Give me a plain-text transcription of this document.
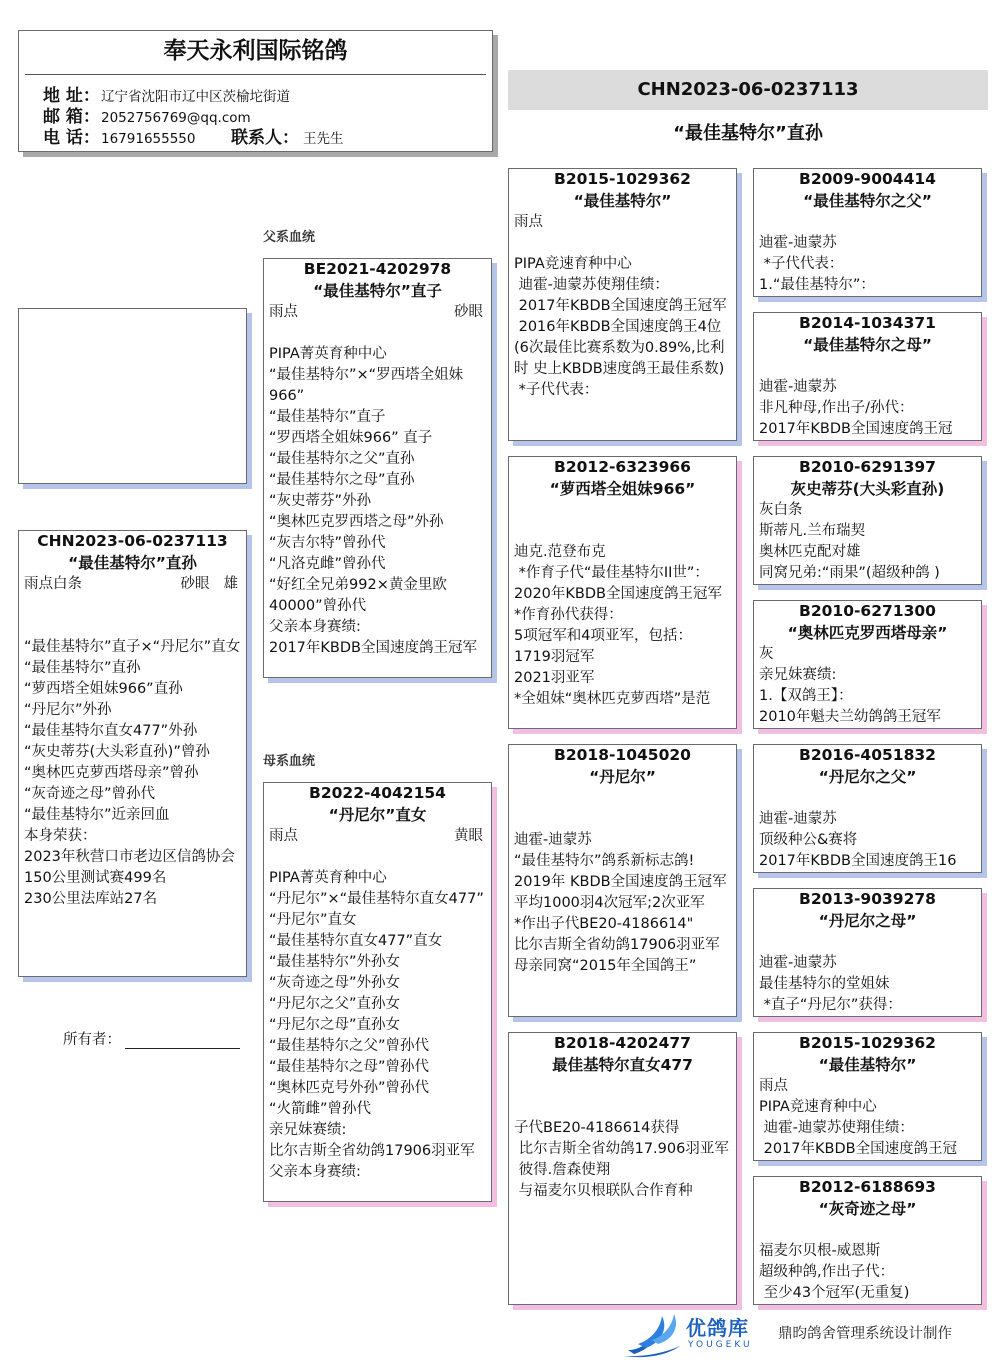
奉天永利国际铭鸽
地 址： 辽宁省沈阳市辽中区茨榆坨街道
邮 箱： 2052756769@qq.com
电 话： 16791655550	联系人： 王先生
CHN2023-06-0237113
“最佳基特尔”直孙
CHN2023-06-0237113
“最佳基特尔”直孙
雨点白条	砂眼 雄
“最佳基特尔”直子×“丹尼尔”直女
“最佳基特尔”直孙
“萝西塔全姐妹966”直孙
“丹尼尔”外孙
“最佳基特尔直女477”外孙
“灰史蒂芬(大头彩直孙)”曾孙
“奥林匹克萝西塔母亲”曾孙
“灰奇迹之母”曾孙代
“最佳基特尔”近亲回血
本身荣获：
2023年秋营口市老边区信鸽协会
150公里测试赛499名
230公里法库站27名
父系血统
母系血统
BE2021-4202978
“最佳基特尔”直子
雨点	砂眼
PIPA菁英育种中心
“最佳基特尔”×“罗西塔全姐妹966”
“最佳基特尔”直子
“罗西塔全姐妹966” 直子
“最佳基特尔之父”直孙
“最佳基特尔之母”直孙
“灰史蒂芬”外孙
“奥林匹克罗西塔之母”外孙
“灰吉尔特”曾孙代
“凡洛克雌”曾孙代
“好红全兄弟992×黄金里欧40000”曾孙代
父亲本身赛绩:
2017年KBDB全国速度鸽王冠军
B2022-4042154
“丹尼尔”直女
雨点	黄眼
PIPA菁英育种中心
“丹尼尔”×“最佳基特尔直女477”
“丹尼尔”直女
“最佳基特尔直女477”直女
“最佳基特尔”外孙女
“灰奇迹之母”外孙女
“丹尼尔之父”直孙女
“丹尼尔之母”直孙女
“最佳基特尔之父”曾孙代
“最佳基特尔之母”曾孙代
“奥林匹克号外孙”曾孙代
“火箭雌”曾孙代
亲兄妹赛绩:
比尔吉斯全省幼鸽17906羽亚军
父亲本身赛绩:
B2015-1029362
“最佳基特尔”
雨点
PIPA竞速育种中心
迪霍-迪蒙苏使翔佳绩：
2017年KBDB全国速度鸽王冠军
2016年KBDB全国速度鸽王4位 (6次最佳比赛系数为0.89%,比利时 史上KBDB速度鸽王最佳系数)
*子代代表：
B2012-6323966
“萝西塔全姐妹966”
迪克.范登布克
*作育子代“最佳基特尔II世”：
2020年KBDB全国速度鸽王冠军
*作育孙代获得：
5项冠军和4项亚军，包括：
1719羽冠军
2021羽亚军
*全姐妹“奥林匹克萝西塔”是范
B2018-1045020
“丹尼尔”
迪霍-迪蒙苏
“最佳基特尔”鸽系新标志鸽!
2019年 KBDB全国速度鸽王冠军
平均1000羽4次冠军;2次亚军
*作出子代BE20-4186614"
比尔吉斯全省幼鸽17906羽亚军
母亲同窝“2015年全国鸽王”
B2018-4202477
最佳基特尔直女477
子代BE20-4186614获得
比尔吉斯全省幼鸽17.906羽亚军
彼得.詹森使翔
与福麦尔贝根联队合作育种
B2009-9004414
“最佳基特尔之父”
迪霍-迪蒙苏
*子代代表：
1.“最佳基特尔”：
B2014-1034371
“最佳基特尔之母”
迪霍-迪蒙苏
非凡种母,作出子/孙代：
2017年KBDB全国速度鸽王冠
B2010-6291397
灰史蒂芬(大头彩直孙)
灰白条
斯蒂凡.兰布瑞契
奥林匹克配对雄
同窝兄弟:“雨果”(超级种鸽 )
B2010-6271300
“奥林匹克罗西塔母亲”
灰
亲兄妹赛绩:
1.【双鸽王】：
2010年魁夫兰幼鸽鸽王冠军
B2016-4051832
“丹尼尔之父”
迪霍-迪蒙苏
顶级种公&赛将
2017年KBDB全国速度鸽王16
B2013-9039278
“丹尼尔之母”
迪霍-迪蒙苏
最佳基特尔的堂姐妹
*直子“丹尼尔”获得：
B2015-1029362
“最佳基特尔”
雨点
PIPA竞速育种中心
迪霍-迪蒙苏使翔佳绩：
2017年KBDB全国速度鸽王冠
B2012-6188693
“灰奇迹之母”
福麦尔贝根-威恩斯
超级种鸽,作出子代：
至少43个冠军(无重复)
所有者：
优鸽库
YOUGEKU
鼎昀鸽舍管理系统设计制作
